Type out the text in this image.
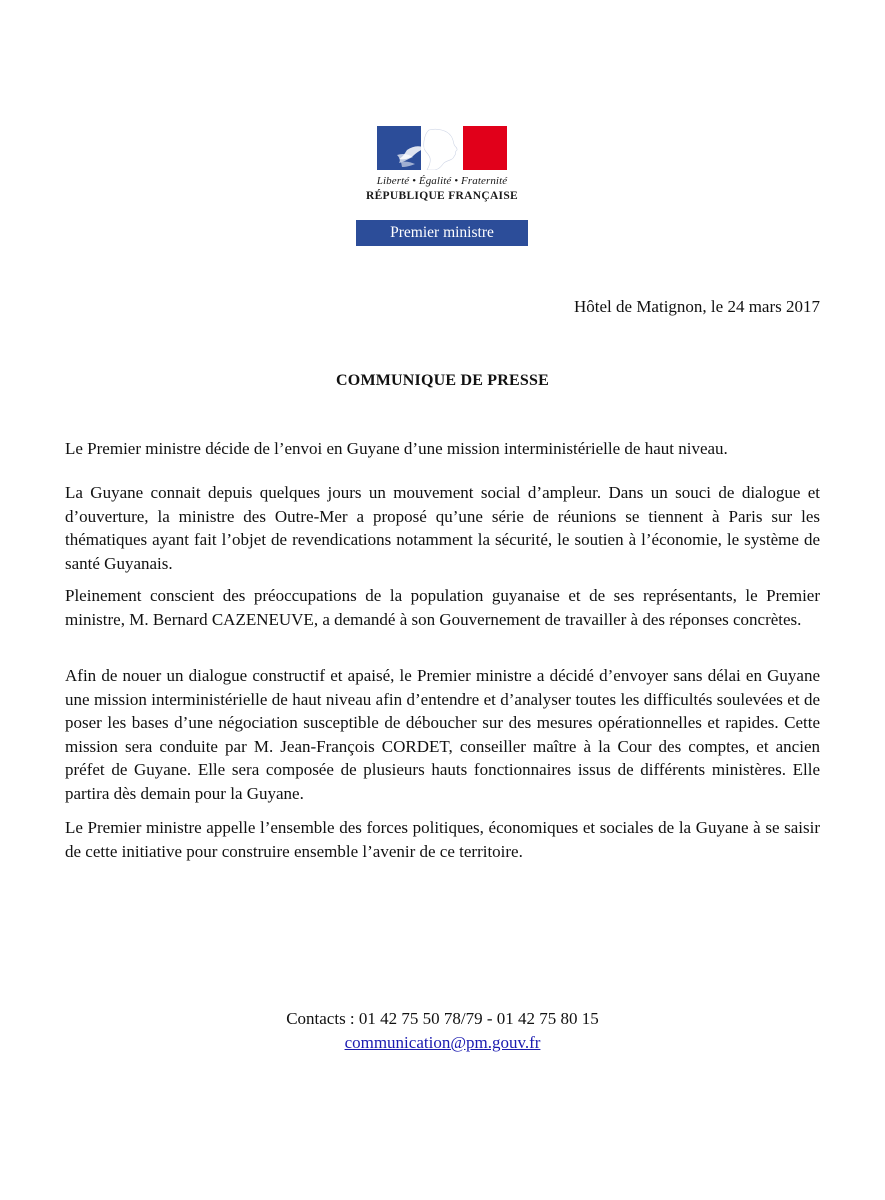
Liberté • Égalité • Fraternité
RÉPUBLIQUE FRANÇAISE
Premier ministre
Hôtel de Matignon, le 24 mars 2017
COMMUNIQUE DE PRESSE

Le Premier ministre décide de l’envoi en Guyane d’une mission interministérielle de haut niveau.

La Guyane connait depuis quelques jours un mouvement social d’ampleur. Dans un souci de dialogue et d’ouverture, la ministre des Outre-Mer a proposé qu’une série de réunions se tiennent à Paris sur les thématiques ayant fait l’objet de revendications notamment la sécurité, le soutien à l’économie, le système de santé Guyanais.

Pleinement conscient des préoccupations de la population guyanaise et de ses représentants, le Premier ministre, M. Bernard CAZENEUVE, a demandé à son Gouvernement de travailler à des réponses concrètes.

Afin de nouer un dialogue constructif et apaisé, le Premier ministre a décidé d’envoyer sans délai en Guyane une mission interministérielle de haut niveau afin d’entendre et d’analyser toutes les difficultés soulevées et de poser les bases d’une négociation susceptible de déboucher sur des mesures opérationnelles et rapides. Cette mission sera conduite par M. Jean-François CORDET, conseiller maître à la Cour des comptes, et ancien préfet de Guyane. Elle sera composée de plusieurs hauts fonctionnaires issus de différents ministères. Elle partira dès demain pour la Guyane.

Le Premier ministre appelle l’ensemble des forces politiques, économiques et sociales de la Guyane à se saisir de cette initiative pour construire ensemble l’avenir de ce territoire.

Contacts : 01 42 75 50 78/79 - 01 42 75 80 15
communication@pm.gouv.fr
